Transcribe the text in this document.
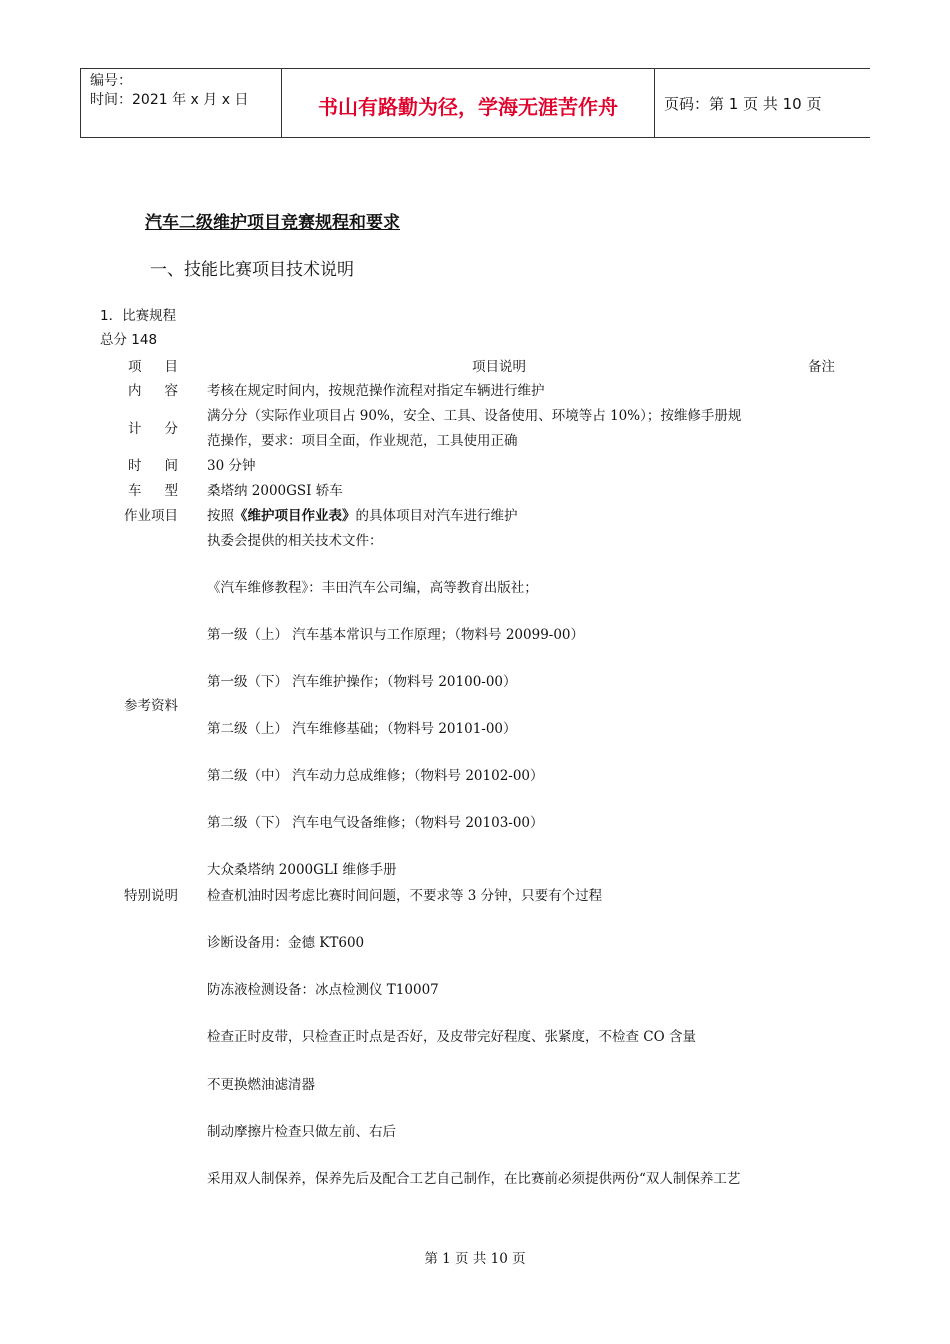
编号：
时间：2021 年 x 月 x 日	书山有路勤为径，学海无涯苦作舟	页码：第 1 页 共 10 页
汽车二级维护项目竞赛规程和要求
一、技能比赛项目技术说明
1．比赛规程
总分 148
项　目	项目说明	备注
内　容 考核在规定时间内，按规范操作流程对指定车辆进行维护
计　分
满分分（实际作业项目占 90%，安全、工具、设备使用、环境等占 10%）；按维修手册规
范操作，要求：项目全面，作业规范，工具使用正确
时　间 30 分钟
车　型 桑塔纳 2000GSI 轿车
作业项目 按照《维护项目作业表》的具体项目对汽车进行维护
参考资料
执委会提供的相关技术文件：
《汽车维修教程》：丰田汽车公司编，高等教育出版社；
第一级（上） 汽车基本常识与工作原理；（物料号 20099-00）
第一级（下） 汽车维护操作；（物料号 20100-00）
第二级（上） 汽车维修基础；（物料号 20101-00）
第二级（中） 汽车动力总成维修；（物料号 20102-00）
第二级（下） 汽车电气设备维修；（物料号 20103-00）
大众桑塔纳 2000GLI 维修手册
特别说明 检查机油时因考虑比赛时间问题，不要求等 3 分钟，只要有个过程
诊断设备用：金德 KT600
防冻液检测设备：冰点检测仪 T10007
检查正时皮带，只检查正时点是否好，及皮带完好程度、张紧度，不检查 CO 含量
不更换燃油滤清器
制动摩擦片检查只做左前、右后
采用双人制保养，保养先后及配合工艺自己制作，在比赛前必须提供两份“双人制保养工艺
第 1 页 共 10 页
